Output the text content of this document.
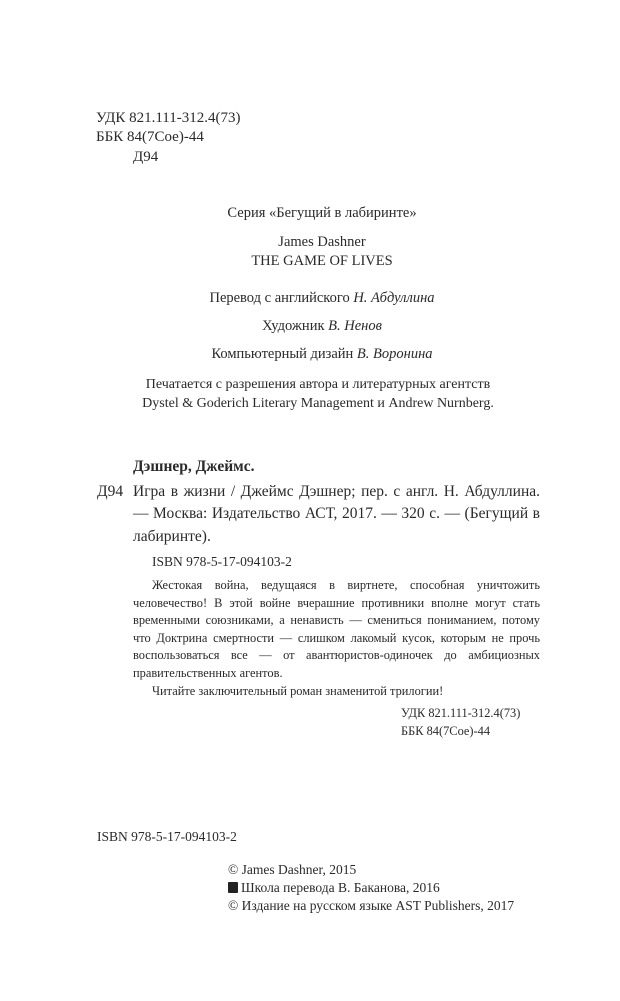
УДК 821.111-312.4(73)
ББК 84(7Сое)-44
Д94
Серия «Бегущий в лабиринте»
James Dashner
THE GAME OF LIVES
Перевод с английского Н. Абдуллина
Художник В. Ненов
Компьютерный дизайн В. Воронина
Печатается с разрешения автора и литературных агентств
Dystel & Goderich Literary Management и Andrew Nurnberg.
Дэшнер, Джеймс.
Д94 Игра в жизни / Джеймс Дэшнер; пер. с англ. Н. Абдуллина. — Москва: Издательство АСТ, 2017. — 320 с. — (Бегущий в лабиринте).
ISBN 978-5-17-094103-2
Жестокая война, ведущаяся в виртнете, способная уничтожить человечество! В этой войне вчерашние противники вполне могут стать временными союзниками, а ненависть — смениться пониманием, потому что Доктрина смертности — слишком лакомый кусок, которым не прочь воспользоваться все — от авантюристов-одиночек до амбициозных правительственных агентов.
Читайте заключительный роман знаменитой трилогии!
УДК 821.111-312.4(73)
ББК 84(7Сое)-44
ISBN 978-5-17-094103-2
© James Dashner, 2015
Школа перевода В. Баканова, 2016
© Издание на русском языке AST Publishers, 2017
